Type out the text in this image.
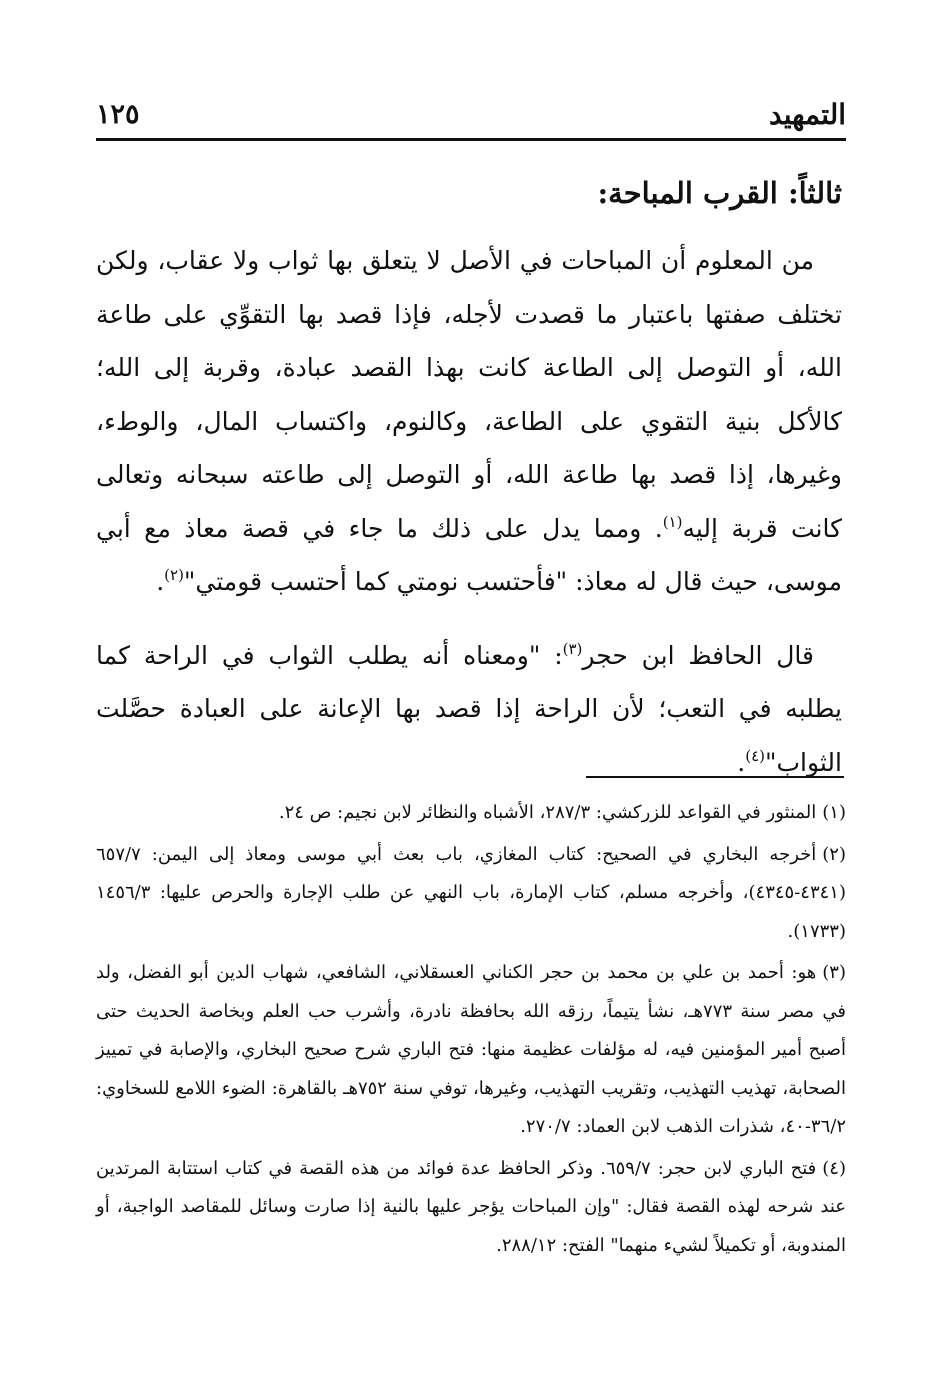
التمهيد
١٢٥
ثالثاً: القرب المباحة:

من المعلوم أن المباحات في الأصل لا يتعلق بها ثواب ولا عقاب، ولكن تختلف صفتها باعتبار ما قصدت لأجله، فإذا قصد بها التقوِّي على طاعة الله، أو التوصل إلى الطاعة كانت بهذا القصد عبادة، وقربة إلى الله؛ كالأكل بنية التقوي على الطاعة، وكالنوم، واكتساب المال، والوطء، وغيرها، إذا قصد بها طاعة الله، أو التوصل إلى طاعته سبحانه وتعالى كانت قربة إليه$^{(١)}$. ومما يدل على ذلك ما جاء في قصة معاذ مع أبي موسى، حيث قال له معاذ: "فأحتسب نومتي كما أحتسب قومتي"$^{(٢)}$.

قال الحافظ ابن حجر$^{(٣)}$: "ومعناه أنه يطلب الثواب في الراحة كما يطلبه في التعب؛ لأن الراحة إذا قصد بها الإعانة على العبادة حصَّلت الثواب"$^{(٤)}$.

(١)المنثور في القواعد للزركشي: ٢٨٧/٣، الأشباه والنظائر لابن نجيم: ص ٢٤.

(٢)أخرجه البخاري في الصحيح: كتاب المغازي، باب بعث أبي موسى ومعاذ إلى اليمن: ٦٥٧/٧ (٤٣٤١-٤٣٤٥)، وأخرجه مسلم، كتاب الإمارة، باب النهي عن طلب الإجارة والحرص عليها: ١٤٥٦/٣ (١٧٣٣).

(٣)هو: أحمد بن علي بن محمد بن حجر الكناني العسقلاني، الشافعي، شهاب الدين أبو الفضل، ولد في مصر سنة ٧٧٣هـ، نشأ يتيماً، رزقه الله بحافظة نادرة، وأشرب حب العلم وبخاصة الحديث حتى أصبح أمير المؤمنين فيه، له مؤلفات عظيمة منها: فتح الباري شرح صحيح البخاري، والإصابة في تمييز الصحابة، تهذيب التهذيب، وتقريب التهذيب، وغيرها، توفي سنة ٧٥٢هـ بالقاهرة: الضوء اللامع للسخاوي: ٣٦/٢-٤٠، شذرات الذهب لابن العماد: ٢٧٠/٧.

(٤)فتح الباري لابن حجر: ٦٥٩/٧. وذكر الحافظ عدة فوائد من هذه القصة في كتاب استتابة المرتدين عند شرحه لهذه القصة فقال: "وإن المباحات يؤجر عليها بالنية إذا صارت وسائل للمقاصد الواجبة، أو المندوبة، أو تكميلاً لشيء منهما" الفتح: ٢٨٨/١٢.
